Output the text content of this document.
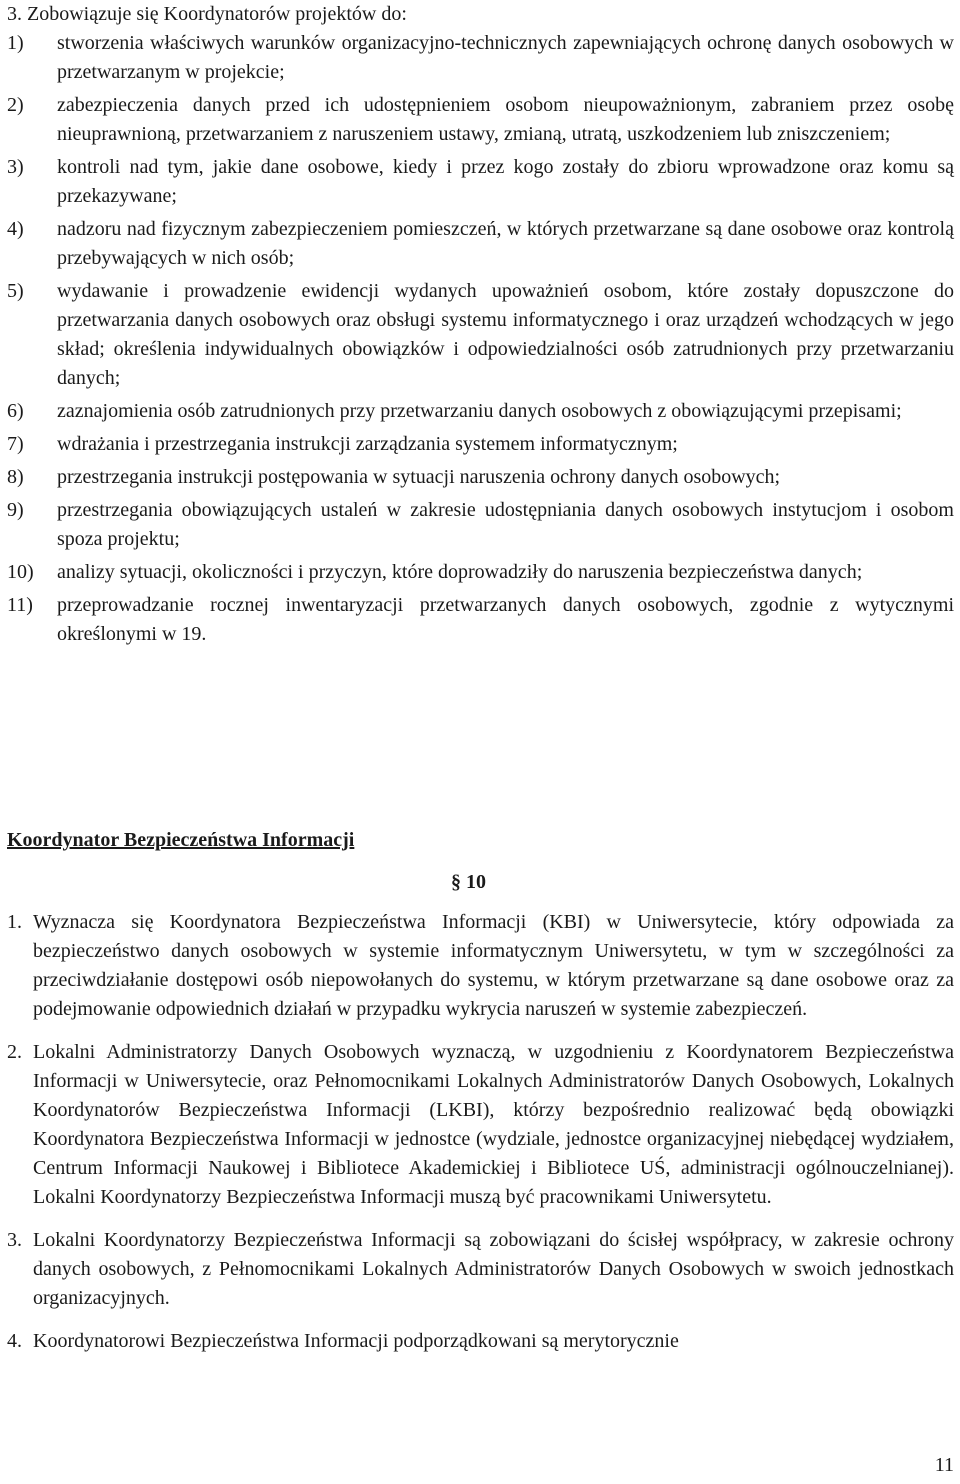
3. Zobowiązuje się Koordynatorów projektów do:

1)	stworzenia właściwych warunków organizacyjno-technicznych zapewniających ochronę danych osobowych w przetwarzanym w projekcie;
2)	zabezpieczenia danych przed ich udostępnieniem osobom nieupoważnionym, zabraniem przez osobę nieuprawnioną, przetwarzaniem z naruszeniem ustawy, zmianą, utratą, uszkodzeniem lub zniszczeniem;
3)	kontroli nad tym, jakie dane osobowe, kiedy i przez kogo zostały do zbioru wprowadzone oraz komu są przekazywane;
4)	nadzoru nad fizycznym zabezpieczeniem pomieszczeń, w których przetwarzane są dane osobowe oraz kontrolą przebywających w nich osób;
5)	wydawanie i prowadzenie ewidencji wydanych upoważnień osobom, które zostały dopuszczone do przetwarzania danych osobowych oraz obsługi systemu informatycznego i oraz urządzeń wchodzących w jego skład; określenia indywidualnych obowiązków i odpowiedzialności osób zatrudnionych przy przetwarzaniu danych;
6)	zaznajomienia osób zatrudnionych przy przetwarzaniu danych osobowych z obowiązującymi przepisami;
7)	wdrażania i przestrzegania instrukcji zarządzania systemem informatycznym;
8)	przestrzegania instrukcji postępowania w sytuacji naruszenia ochrony danych osobowych;
9)	przestrzegania obowiązujących ustaleń w zakresie udostępniania danych osobowych instytucjom i osobom spoza projektu;
10)	analizy sytuacji, okoliczności i przyczyn, które doprowadziły do naruszenia bezpieczeństwa danych;
11)	przeprowadzanie rocznej inwentaryzacji przetwarzanych danych osobowych, zgodnie z wytycznymi określonymi w 19.
Koordynator Bezpieczeństwa Informacji

§ 10

1. Wyznacza się Koordynatora Bezpieczeństwa Informacji (KBI) w Uniwersytecie, który odpowiada za bezpieczeństwo danych osobowych w systemie informatycznym Uniwersytetu, w tym w szczególności za przeciwdziałanie dostępowi osób niepowołanych do systemu, w którym przetwarzane są dane osobowe oraz za podejmowanie odpowiednich działań w przypadku wykrycia naruszeń w systemie zabezpieczeń.
2. Lokalni Administratorzy Danych Osobowych wyznaczą, w uzgodnieniu z Koordynatorem Bezpieczeństwa Informacji w Uniwersytecie, oraz Pełnomocnikami Lokalnych Administratorów Danych Osobowych, Lokalnych Koordynatorów Bezpieczeństwa Informacji (LKBI), którzy bezpośrednio realizować będą obowiązki Koordynatora Bezpieczeństwa Informacji w jednostce (wydziale, jednostce organizacyjnej niebędącej wydziałem, Centrum Informacji Naukowej i Bibliotece Akademickiej i Bibliotece UŚ, administracji ogólnouczelnianej). Lokalni Koordynatorzy Bezpieczeństwa Informacji muszą być pracownikami Uniwersytetu.
3. Lokalni Koordynatorzy Bezpieczeństwa Informacji są zobowiązani do ścisłej współpracy, w zakresie ochrony danych osobowych, z Pełnomocnikami Lokalnych Administratorów Danych Osobowych w swoich jednostkach organizacyjnych.
4. Koordynatorowi Bezpieczeństwa Informacji podporządkowani są merytorycznie

11
